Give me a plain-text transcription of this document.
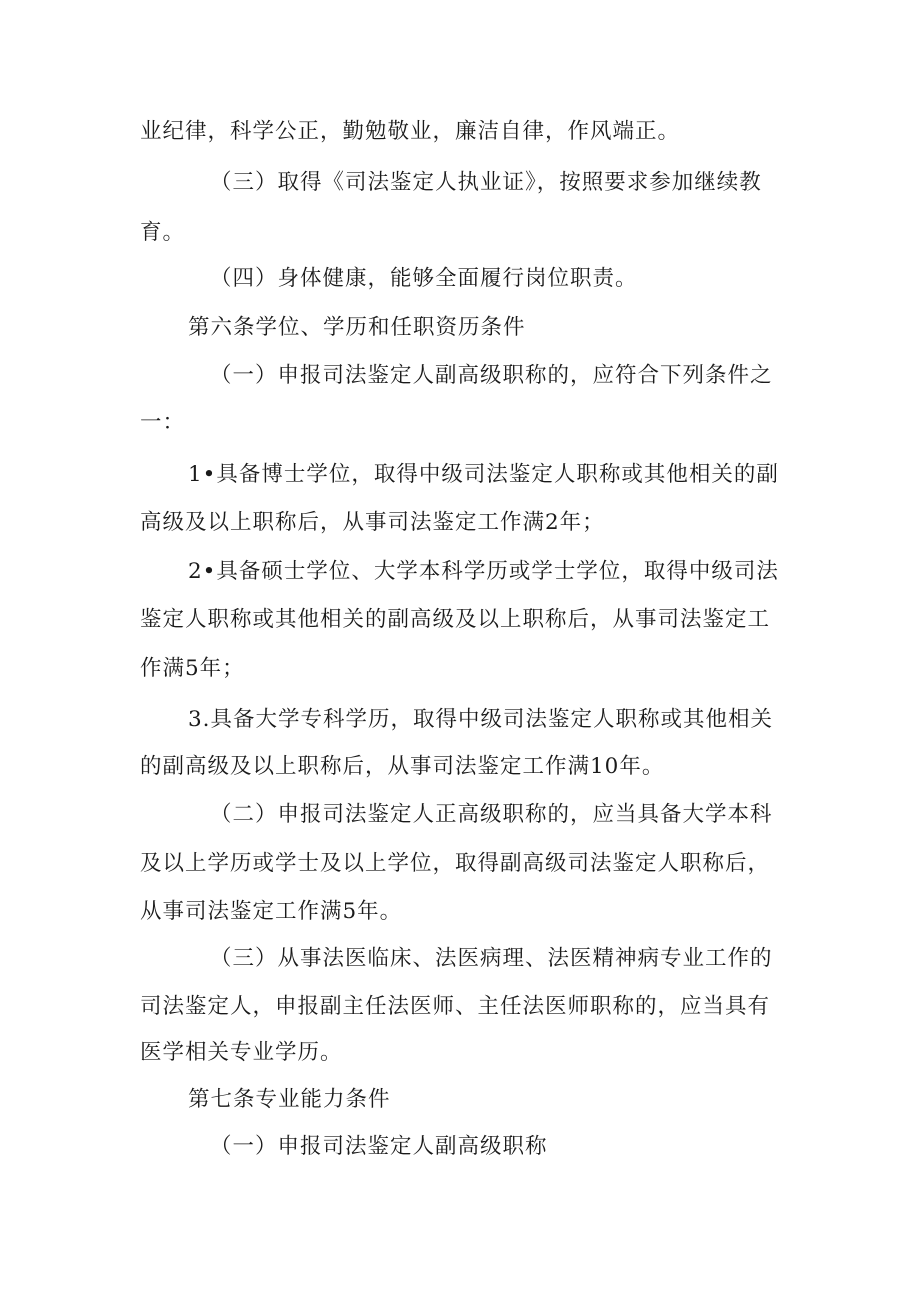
业纪律，科学公正，勤勉敬业，廉洁自律，作风端正。
（三）取得《司法鉴定人执业证》，按照要求参加继续教
育。
（四）身体健康，能够全面履行岗位职责。
第六条学位、学历和任职资历条件
（一）申报司法鉴定人副高级职称的，应符合下列条件之
一：
1•具备博士学位，取得中级司法鉴定人职称或其他相关的副
高级及以上职称后，从事司法鉴定工作满2年；
2•具备硕士学位、大学本科学历或学士学位，取得中级司法
鉴定人职称或其他相关的副高级及以上职称后，从事司法鉴定工
作满5年；
3.具备大学专科学历，取得中级司法鉴定人职称或其他相关
的副高级及以上职称后，从事司法鉴定工作满10年。
（二）申报司法鉴定人正高级职称的，应当具备大学本科
及以上学历或学士及以上学位，取得副高级司法鉴定人职称后，
从事司法鉴定工作满5年。
（三）从事法医临床、法医病理、法医精神病专业工作的
司法鉴定人，申报副主任法医师、主任法医师职称的，应当具有
医学相关专业学历。
第七条专业能力条件
（一）申报司法鉴定人副高级职称
